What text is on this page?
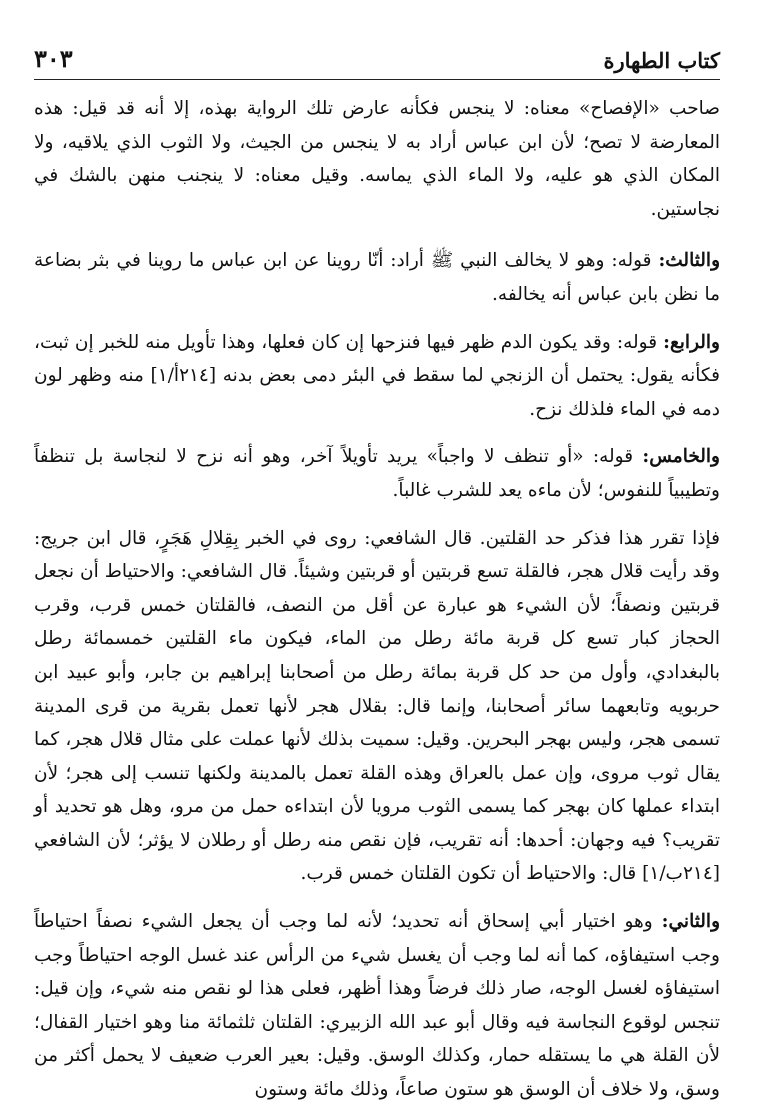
٣٠٣	كتاب الطهارة

صاحب «الإفصاح» معناه: لا ينجس فكأنه عارض تلك الرواية بهذه، إلا أنه قد قيل: هذه المعارضة لا تصح؛ لأن ابن عباس أراد به لا ينجس من الجيث، ولا الثوب الذي يلاقيه، ولا المكان الذي هو عليه، ولا الماء الذي يماسه. وقيل معناه: لا ينجنب منهن بالشك في نجاستين.

والثالث: قوله: وهو لا يخالف النبي ﷺ أراد: أنّا روينا عن ابن عباس ما روينا في بثر بضاعة ما نظن بابن عباس أنه يخالفه.

والرابع: قوله: وقد يكون الدم ظهر فيها فنزحها إن كان فعلها، وهذا تأويل منه للخبر إن ثبت، فكأنه يقول: يحتمل أن الزنجي لما سقط في البئر دمى بعض بدنه [٢١٤أ/١] منه وظهر لون دمه في الماء فلذلك نزح.

والخامس: قوله: «أو تنظف لا واجباً» يريد تأويلاً آخر، وهو أنه نزح لا لنجاسة بل تنظفاً وتطيبياً للنفوس؛ لأن ماءه يعد للشرب غالباً.

فإذا تقرر هذا فذكر حد القلتين. قال الشافعي: روى في الخبر بِقِلالِ هَجَرٍ، قال ابن جريج: وقد رأيت قلال هجر، فالقلة تسع قربتين أو قربتين وشيئاً. قال الشافعي: والاحتياط أن نجعل قربتين ونصفاً؛ لأن الشيء هو عبارة عن أقل من النصف، فالقلتان خمس قرب، وقرب الحجاز كبار تسع كل قربة مائة رطل من الماء، فيكون ماء القلتين خمسمائة رطل بالبغدادي، وأول من حد كل قربة بمائة رطل من أصحابنا إبراهيم بن جابر، وأبو عبيد ابن حربويه وتابعهما سائر أصحابنا، وإنما قال: بقلال هجر لأنها تعمل بقرية من قرى المدينة تسمى هجر، وليس بهجر البحرين. وقيل: سميت بذلك لأنها عملت على مثال قلال هجر، كما يقال ثوب مروى، وإن عمل بالعراق وهذه القلة تعمل بالمدينة ولكنها تنسب إلى هجر؛ لأن ابتداء عملها كان بهجر كما يسمى الثوب مرويا لأن ابتداءه حمل من مرو، وهل هو تحديد أو تقريب؟ فيه وجهان: أحدها: أنه تقريب، فإن نقص منه رطل أو رطلان لا يؤثر؛ لأن الشافعي [٢١٤ب/١] قال: والاحتياط أن تكون القلتان خمس قرب.

والثاني: وهو اختيار أبي إسحاق أنه تحديد؛ لأنه لما وجب أن يجعل الشيء نصفاً احتياطاً وجب استيفاؤه، كما أنه لما وجب أن يغسل شيء من الرأس عند غسل الوجه احتياطاً وجب استيفاؤه لغسل الوجه، صار ذلك فرضاً وهذا أظهر، فعلى هذا لو نقص منه شيء، وإن قيل: تنجس لوقوع النجاسة فيه وقال أبو عبد الله الزبيري: القلتان ثلثمائة منا وهو اختيار القفال؛ لأن القلة هي ما يستقله حمار، وكذلك الوسق. وقيل: بعير العرب ضعيف لا يحمل أكثر من وسق، ولا خلاف أن الوسق هو ستون صاعاً، وذلك مائة وستون
